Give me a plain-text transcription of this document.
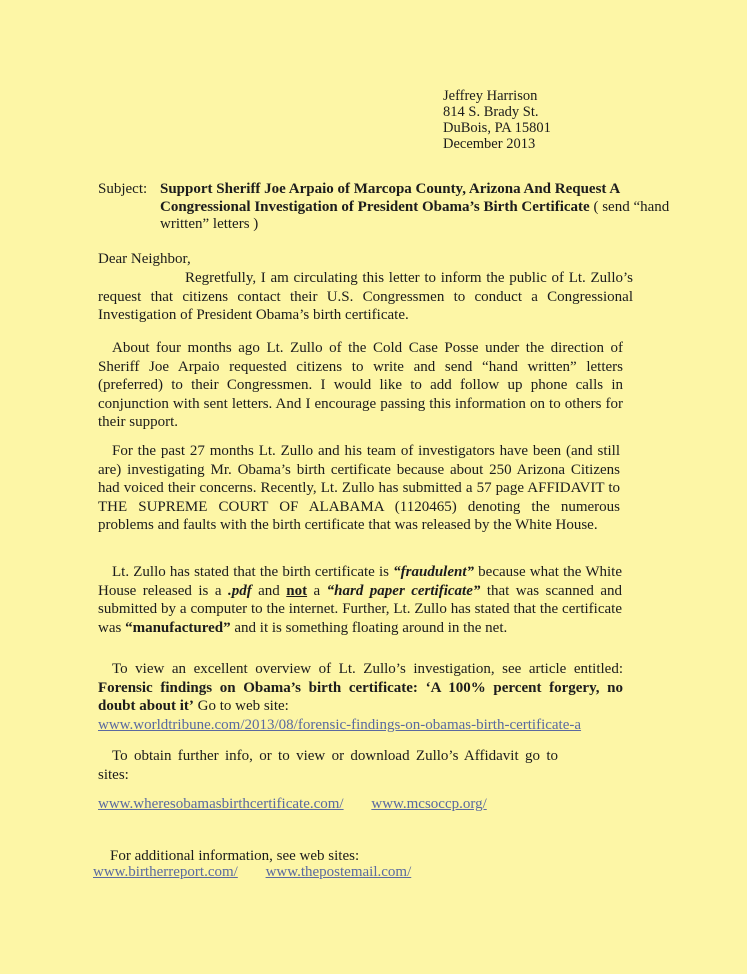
Jeffrey Harrison
814 S. Brady St.
DuBois, PA 15801
December 2013
Subject: Support Sheriff Joe Arpaio of Marcopa County, Arizona And Request A Congressional Investigation of President Obama’s Birth Certificate ( send “hand written” letters )
Dear Neighbor,
Regretfully, I am circulating this letter to inform the public of Lt. Zullo’s request that citizens contact their U.S. Congressmen to conduct a Congressional Investigation of President Obama’s birth certificate.
About four months ago Lt. Zullo of the Cold Case Posse under the direction of Sheriff Joe Arpaio requested citizens to write and send “hand written” letters (preferred) to their Congressmen. I would like to add follow up phone calls in conjunction with sent letters. And I encourage passing this information on to others for their support.
For the past 27 months Lt. Zullo and his team of investigators have been (and still are) investigating Mr. Obama’s birth certificate because about 250 Arizona Citizens had voiced their concerns. Recently, Lt. Zullo has submitted a 57 page AFFIDAVIT to THE SUPREME COURT OF ALABAMA (1120465) denoting the numerous problems and faults with the birth certificate that was released by the White House.
Lt. Zullo has stated that the birth certificate is “fraudulent” because what the White House released is a .pdf and not a “hard paper certificate” that was scanned and submitted by a computer to the internet. Further, Lt. Zullo has stated that the certificate was “manufactured” and it is something floating around in the net.
To view an excellent overview of Lt. Zullo’s investigation, see article entitled: Forensic findings on Obama’s birth certificate: ‘A 100% percent forgery, no doubt about it’ Go to web site:
www.worldtribune.com/2013/08/forensic-findings-on-obamas-birth-certificate-a
To obtain further info, or to view or download Zullo’s Affidavit go to sites:
www.wheresobamasbirthcertificate.com/ www.mcsoccp.org/
For additional information, see web sites:
www.birtherreport.com/ www.thepostemail.com/
